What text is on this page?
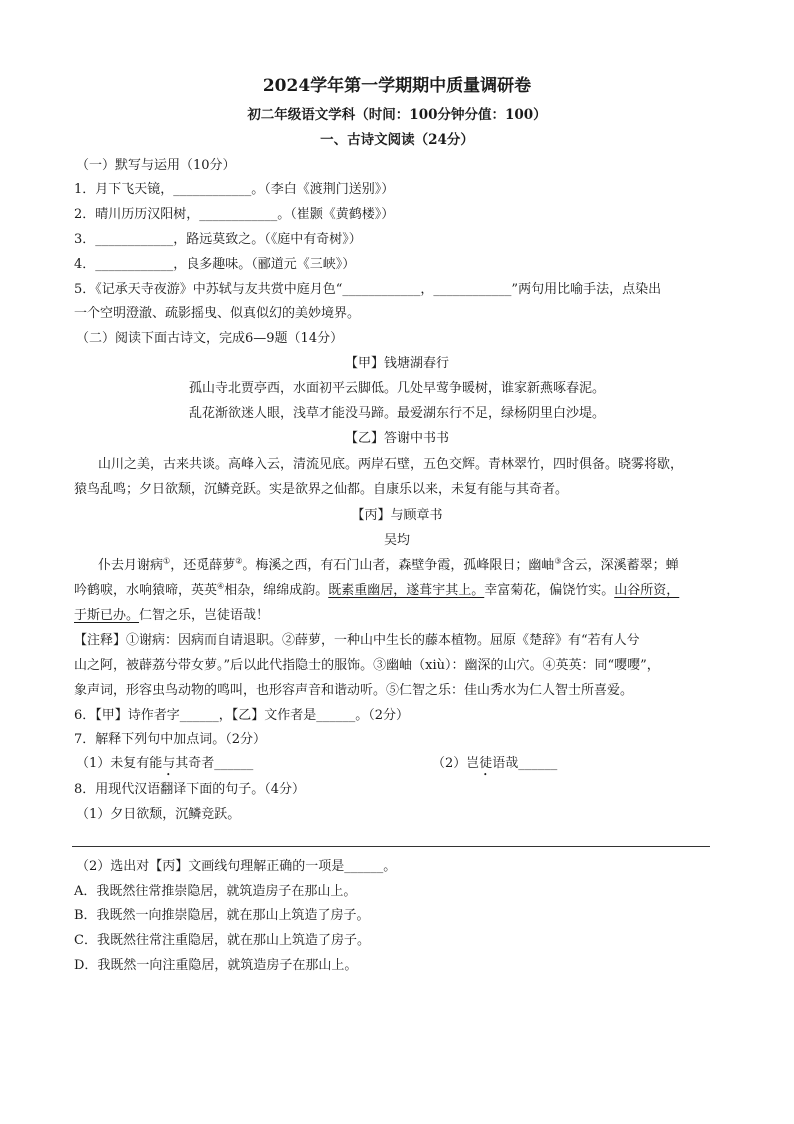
2024学年第一学期期中质量调研卷
初二年级语文学科（时间：100分钟分值：100）
一、古诗文阅读（24分）
（一）默写与运用（10分）
1．月下飞天镜，____________。（李白《渡荆门送别》）
2．晴川历历汉阳树，____________。（崔颢《黄鹤楼》）
3．____________，路远莫致之。（《庭中有奇树》）
4．____________，良多趣味。（郦道元《三峡》）
5．《记承天寺夜游》中苏轼与友共赏中庭月色“____________，____________”两句用比喻手法，点染出
一个空明澄澈、疏影摇曳、似真似幻的美妙境界。
（二）阅读下面古诗文，完成6—9题（14分）
【甲】钱塘湖春行
孤山寺北贾亭西，水面初平云脚低。几处早莺争暖树，谁家新燕啄春泥。
乱花渐欲迷人眼，浅草才能没马蹄。最爱湖东行不足，绿杨阴里白沙堤。
【乙】答谢中书书
山川之美，古来共谈。高峰入云，清流见底。两岸石壁，五色交辉。青林翠竹，四时俱备。晓雾将歇，
猿鸟乱鸣；夕日欲颓，沉鳞竞跃。实是欲界之仙都。自康乐以来，未复有能与其奇者。
【丙】与顾章书
吴均
仆去月谢病①，还觅薛萝②。梅溪之西，有石门山者，森壁争霞，孤峰限日；幽岫③含云，深溪蓄翠；蝉
吟鹤唳，水响猿啼，英英④相杂，绵绵成韵。既素重幽居，遂葺宇其上。幸富菊花，偏饶竹实。山谷所资，
于斯已办。仁智之乐，岂徒语哉！
【注释】①谢病：因病而自请退职。②薛萝，一种山中生长的藤本植物。屈原《楚辞》有“若有人兮
山之阿，被薜荔兮带女萝。”后以此代指隐士的服饰。③幽岫（xiù）：幽深的山穴。④英英：同“嘤嘤”，
象声词，形容虫鸟动物的鸣叫，也形容声音和谐动听。⑤仁智之乐：佳山秀水为仁人智士所喜爱。
6．【甲】诗作者字______，【乙】文作者是______。（2分）
7．解释下列句中加点词。（2分）
（1）未复有能与其奇者______	（2）岂徒语哉______
8．用现代汉语翻译下面的句子。（4分）
（1）夕日欲颓，沉鳞竞跃。
（2）选出对【丙】文画线句理解正确的一项是______。
A．我既然往常推崇隐居，就筑造房子在那山上。
B．我既然一向推崇隐居，就在那山上筑造了房子。
C．我既然往常注重隐居，就在那山上筑造了房子。
D．我既然一向注重隐居，就筑造房子在那山上。
